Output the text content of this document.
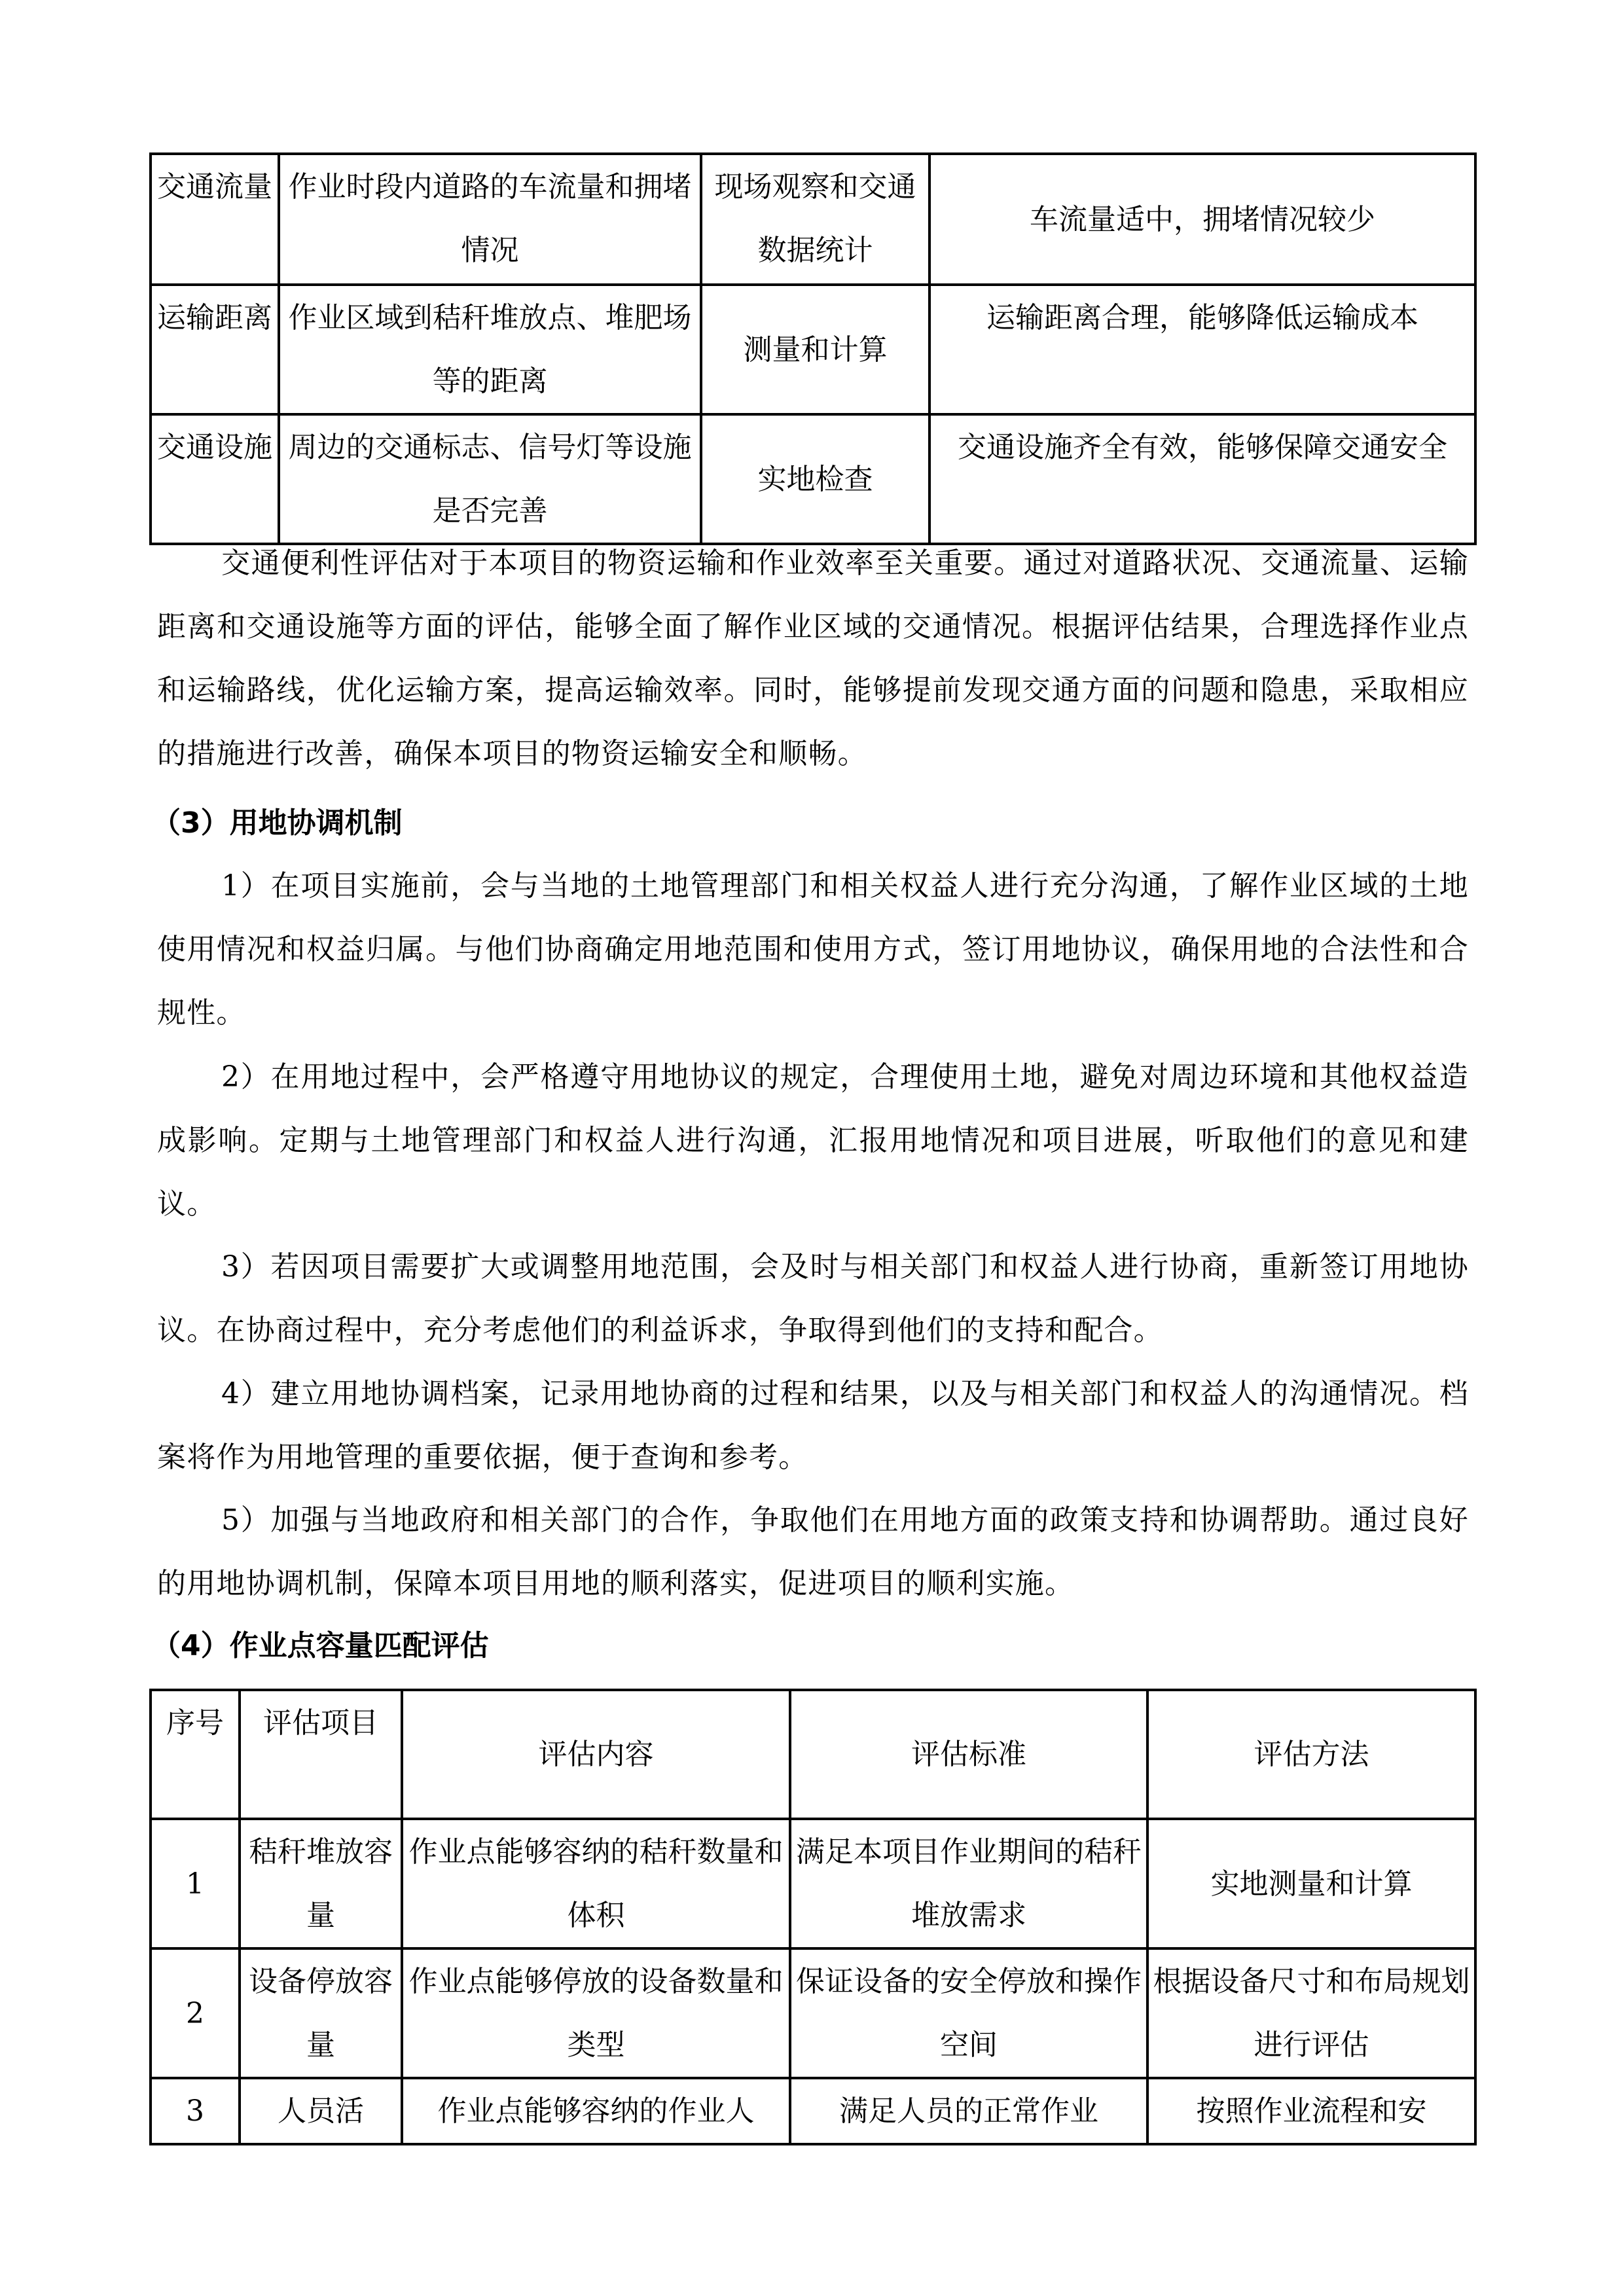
交通流量	作业时段内道路的车流量和拥堵情况	现场观察和交通数据统计	车流量适中，拥堵情况较少
运输距离	作业区域到秸秆堆放点、堆肥场等的距离	测量和计算	运输距离合理，能够降低运输成本
交通设施	周边的交通标志、信号灯等设施是否完善	实地检查	交通设施齐全有效，能够保障交通安全
交通便利性评估对于本项目的物资运输和作业效率至关重要。通过对道路状况、交通流量、运输距离和交通设施等方面的评估，能够全面了解作业区域的交通情况。根据评估结果，合理选择作业点和运输路线，优化运输方案，提高运输效率。同时，能够提前发现交通方面的问题和隐患，采取相应的措施进行改善，确保本项目的物资运输安全和顺畅。
（3）用地协调机制
1）在项目实施前，会与当地的土地管理部门和相关权益人进行充分沟通，了解作业区域的土地使用情况和权益归属。与他们协商确定用地范围和使用方式，签订用地协议，确保用地的合法性和合规性。
2）在用地过程中，会严格遵守用地协议的规定，合理使用土地，避免对周边环境和其他权益造成影响。定期与土地管理部门和权益人进行沟通，汇报用地情况和项目进展，听取他们的意见和建议。
3）若因项目需要扩大或调整用地范围，会及时与相关部门和权益人进行协商，重新签订用地协议。在协商过程中，充分考虑他们的利益诉求，争取得到他们的支持和配合。
4）建立用地协调档案，记录用地协商的过程和结果，以及与相关部门和权益人的沟通情况。档案将作为用地管理的重要依据，便于查询和参考。
5）加强与当地政府和相关部门的合作，争取他们在用地方面的政策支持和协调帮助。通过良好的用地协调机制，保障本项目用地的顺利落实，促进项目的顺利实施。
（4）作业点容量匹配评估
序号	评估项目	评估内容	评估标准	评估方法
1	秸秆堆放容量	作业点能够容纳的秸秆数量和体积	满足本项目作业期间的秸秆堆放需求	实地测量和计算
2	设备停放容量	作业点能够停放的设备数量和类型	保证设备的安全停放和操作空间	根据设备尺寸和布局规划进行评估
3	人员活	作业点能够容纳的作业人	满足人员的正常作业	按照作业流程和安
